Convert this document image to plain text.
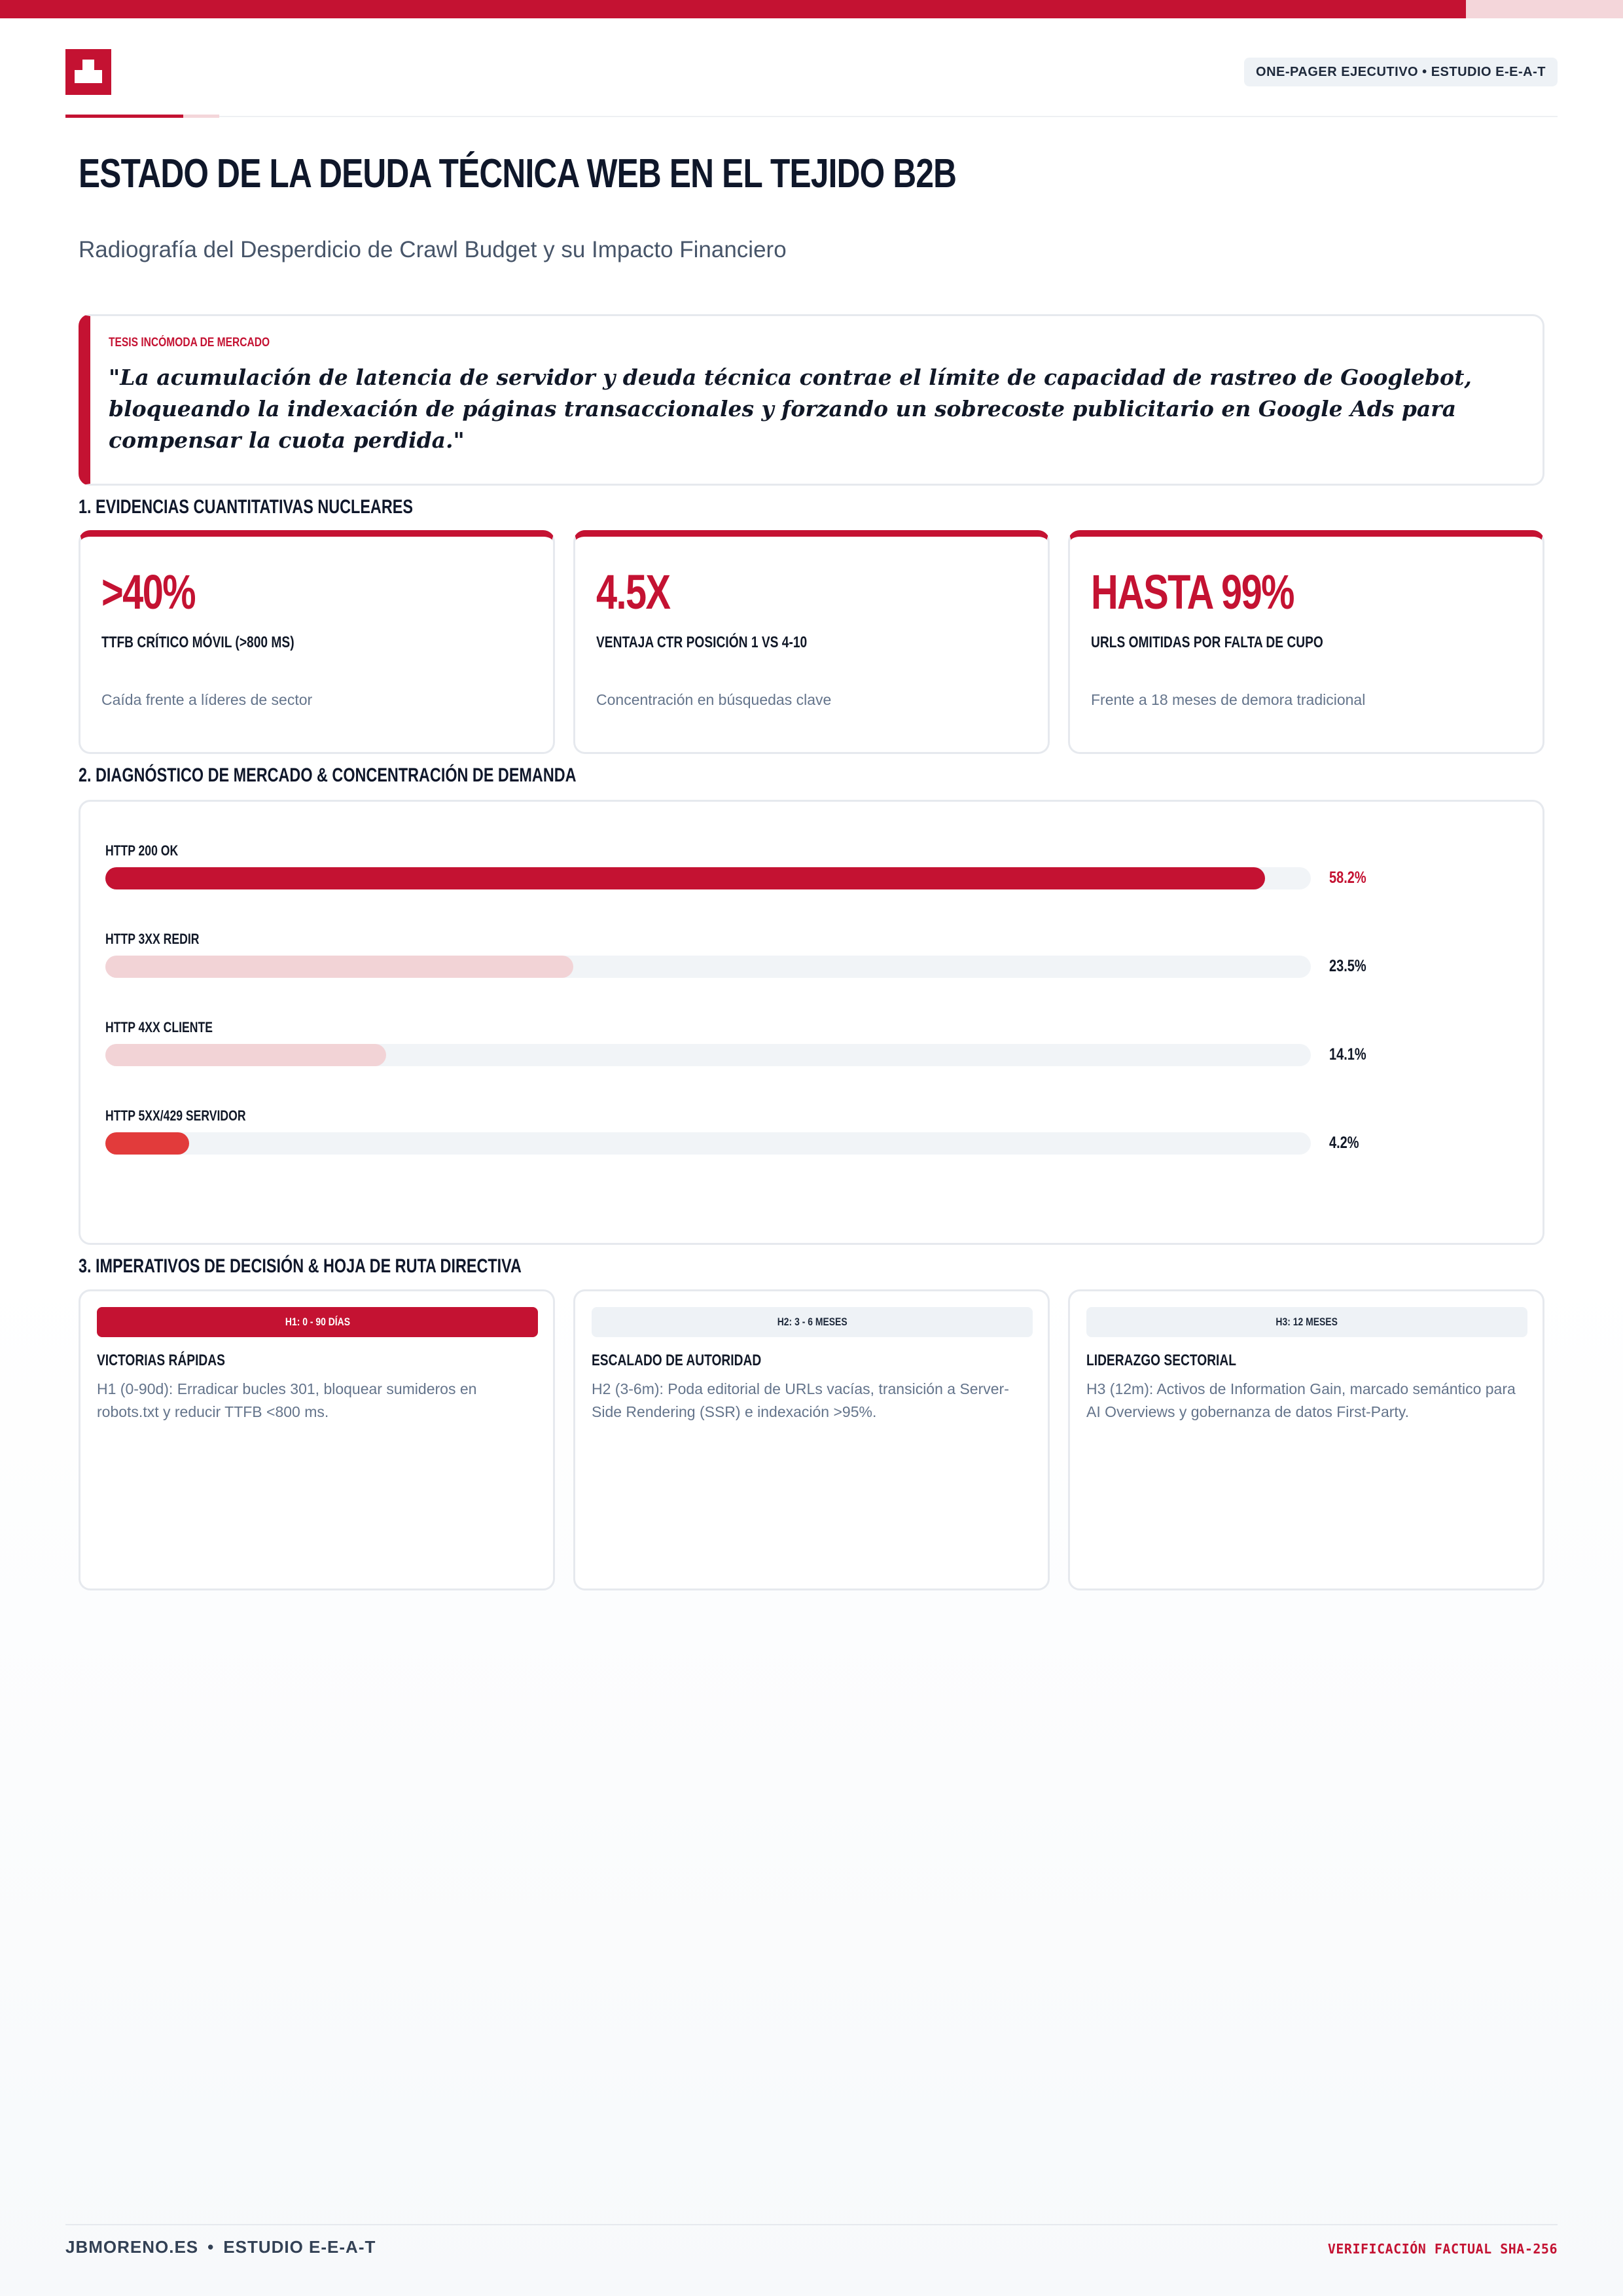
ONE-PAGER EJECUTIVO • ESTUDIO E-E-A-T
ESTADO DE LA DEUDA TÉCNICA WEB EN EL TEJIDO B2B
Radiografía del Desperdicio de Crawl Budget y su Impacto Financiero
TESIS INCÓMODA DE MERCADO
"La acumulación de latencia de servidor y deuda técnica contrae el límite de capacidad de rastreo de Googlebot, bloqueando la indexación de páginas transaccionales y forzando un sobrecoste publicitario en Google Ads para compensar la cuota perdida."
1. EVIDENCIAS CUANTITATIVAS NUCLEARES
>40%
TTFB CRÍTICO MÓVIL (>800 MS)
Caída frente a líderes de sector
4.5X
VENTAJA CTR POSICIÓN 1 VS 4-10
Concentración en búsquedas clave
HASTA 99%
URLS OMITIDAS POR FALTA DE CUPO
Frente a 18 meses de demora tradicional
2. DIAGNÓSTICO DE MERCADO & CONCENTRACIÓN DE DEMANDA
HTTP 200 OK
58.2%
HTTP 3XX REDIR
23.5%
HTTP 4XX CLIENTE
14.1%
HTTP 5XX/429 SERVIDOR
4.2%
3. IMPERATIVOS DE DECISIÓN & HOJA DE RUTA DIRECTIVA
H1: 0 - 90 DÍAS
VICTORIAS RÁPIDAS
H1 (0-90d): Erradicar bucles 301, bloquear sumideros en robots.txt y reducir TTFB <800 ms.
H2: 3 - 6 MESES
ESCALADO DE AUTORIDAD
H2 (3-6m): Poda editorial de URLs vacías, transición a Server-Side Rendering (SSR) e indexación >95%.
H3: 12 MESES
LIDERAZGO SECTORIAL
H3 (12m): Activos de Information Gain, marcado semántico para AI Overviews y gobernanza de datos First-Party.
JBMORENO.ES • ESTUDIO E-E-A-T	VERIFICACIÓN FACTUAL SHA-256
